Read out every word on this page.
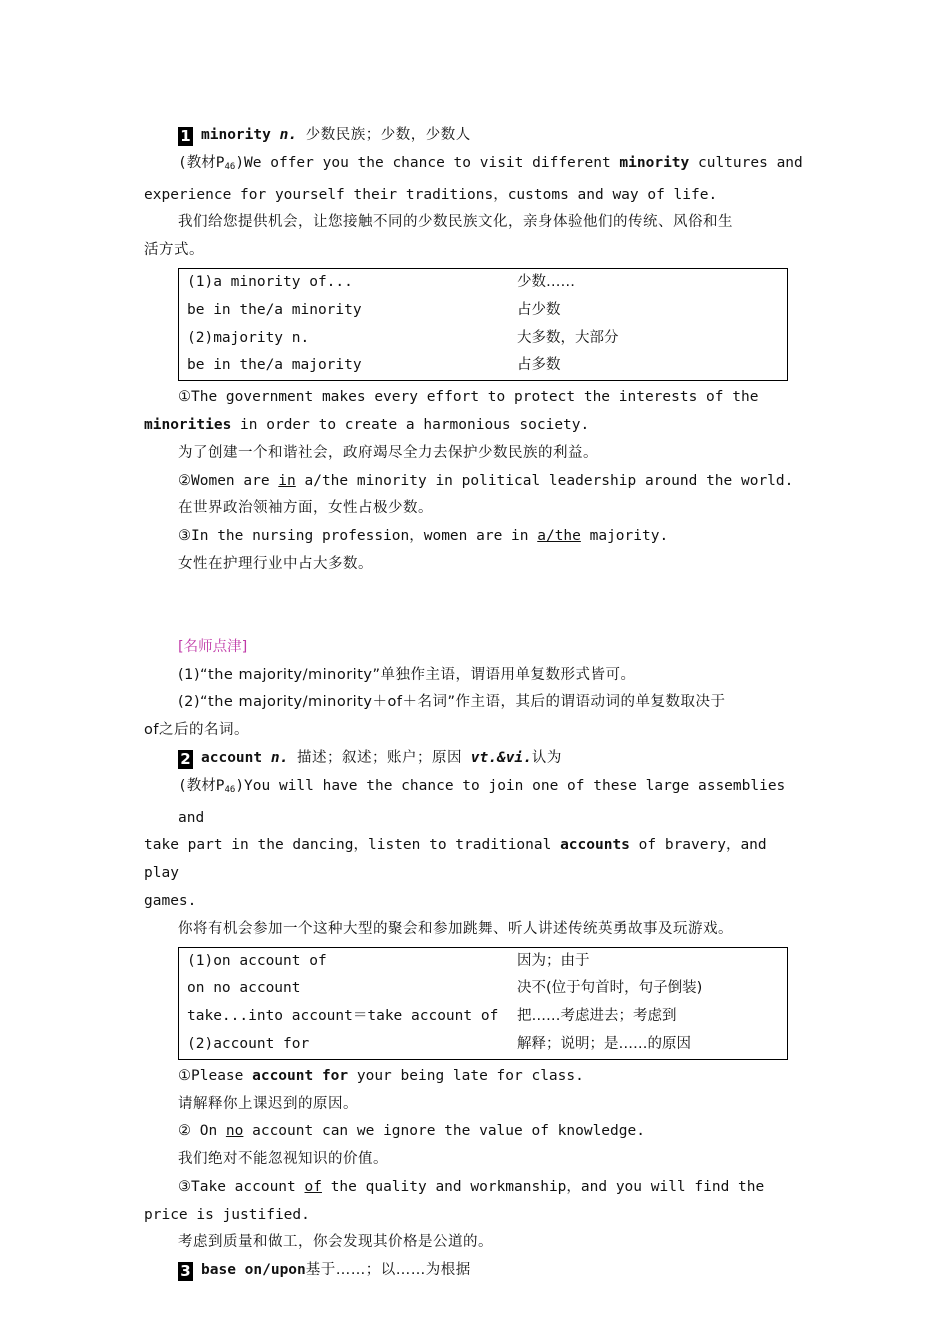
1 minority n. 少数民族；少数，少数人

(教材$P_{46})We$ offer you the chance to visit different minority cultures and

experience for yourself their traditions，customs and way of life.

我们给您提供机会，让您接触不同的少数民族文化，亲身体验他们的传统、风俗和生

活方式。

(1)a minority of...	少数……
be in the/a minority	占少数
(2)majority n.	大多数，大部分
be in the/a majority	占多数

①The government makes every effort to protect the interests of the

minorities in order to create a harmonious society.

为了创建一个和谐社会，政府竭尽全力去保护少数民族的利益。

②Women are in a/the minority in political leadership around the world.

在世界政治领袖方面，女性占极少数。

③In the nursing profession，women are in a/the majority.

女性在护理行业中占大多数。

[名师点津]

(1)“the majority/minority”单独作主语，谓语用单复数形式皆可。

(2)“the majority/minority＋of＋名词”作主语，其后的谓语动词的单复数取决于

of之后的名词。

2 account n. 描述；叙述；账户；原因 vt.&vi.认为

(教材$P_{46})You$ will have the chance to join one of these large assemblies and

take part in the dancing，listen to traditional accounts of bravery，and play

games.

你将有机会参加一个这种大型的聚会和参加跳舞、听人讲述传统英勇故事及玩游戏。

(1)on account of	因为；由于
on no account	决不(位于句首时，句子倒装)
take...into account＝take account of	把……考虑进去；考虑到
(2)account for	解释；说明；是……的原因

①Please account for your being late for class.

请解释你上课迟到的原因。

② On no account can we ignore the value of knowledge.

我们绝对不能忽视知识的价值。

③Take account of the quality and workmanship，and you will find the

price is justified.

考虑到质量和做工，你会发现其价格是公道的。

3 base on/upon基于……；以……为根据
